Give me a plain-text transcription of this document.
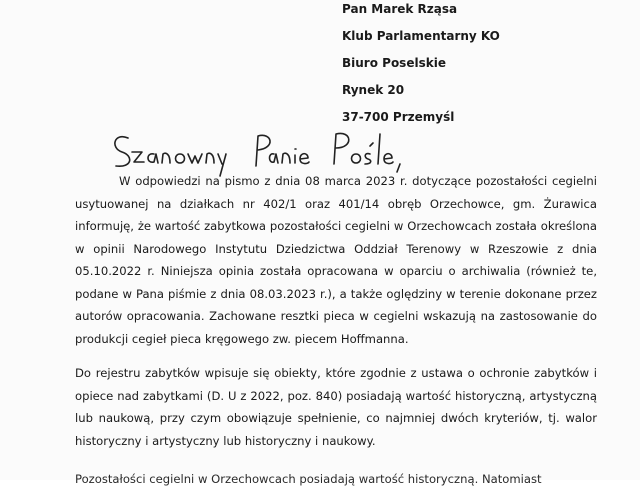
Pan Marek Rząsa
Klub Parlamentarny KO
Biuro Poselskie
Rynek 20
37-700 Przemyśl

W odpowiedzi na pismo z dnia 08 marca 2023 r. dotyczące pozostałości cegielni usytuowanej na działkach nr 402/1 oraz 401/14 obręb Orzechowce, gm. Żurawica informuję, że wartość zabytkowa pozostałości cegielni w Orzechowcach została określona w opinii Narodowego Instytutu Dziedzictwa Oddział Terenowy w Rzeszowie z dnia 05.10.2022 r. Niniejsza opinia została opracowana w oparciu o archiwalia (również te, podane w Pana piśmie z dnia 08.03.2023 r.), a także oględziny w terenie dokonane przez autorów opracowania. Zachowane resztki pieca w cegielni wskazują na zastosowanie do produkcji cegieł pieca kręgowego zw. piecem Hoffmanna.

Do rejestru zabytków wpisuje się obiekty, które zgodnie z ustawa o ochronie zabytków i opiece nad zabytkami (D. U z 2022, poz. 840) posiadają wartość historyczną, artystyczną lub naukową, przy czym obowiązuje spełnienie, co najmniej dwóch kryteriów, tj. walor historyczny i artystyczny lub historyczny i naukowy.

Pozostałości cegielni w Orzechowcach posiadają wartość historyczną. Natomiast
